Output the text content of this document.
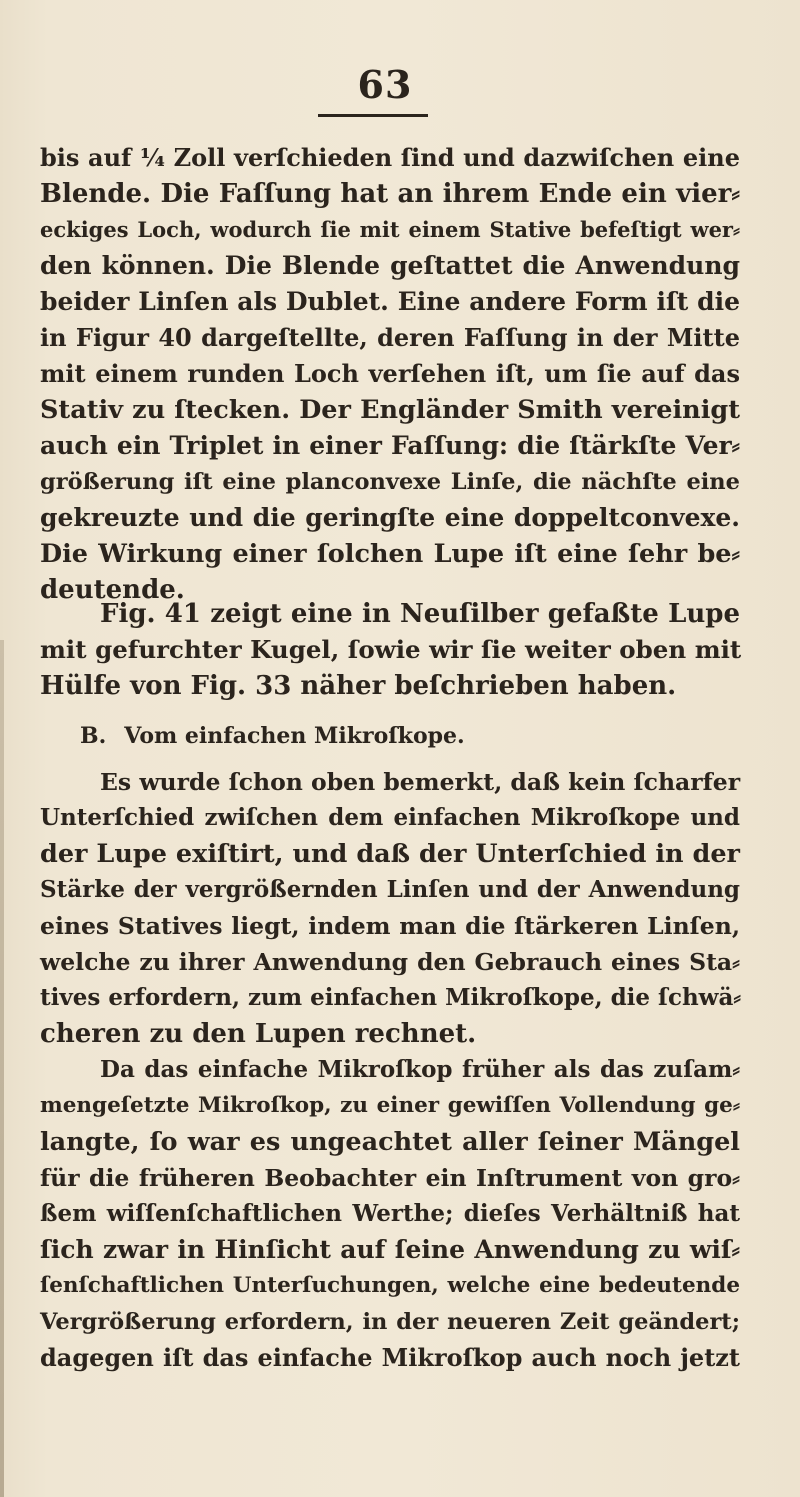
63
bis auf ¼ Zoll verſchieden ſind und dazwiſchen eine
Blende. Die Faſſung hat an ihrem Ende ein vier⸗
eckiges Loch, wodurch ſie mit einem Stative befeſtigt wer⸗
den können. Die Blende geſtattet die Anwendung
beider Linſen als Dublet. Eine andere Form iſt die
in Figur 40 dargeſtellte, deren Faſſung in der Mitte
mit einem runden Loch verſehen iſt, um ſie auf das
Stativ zu ſtecken. Der Engländer Smith vereinigt
auch ein Triplet in einer Faſſung: die ſtärkſte Ver⸗
größerung iſt eine planconvexe Linſe, die nächſte eine
gekreuzte und die geringſte eine doppeltconvexe.
Die Wirkung einer ſolchen Lupe iſt eine ſehr be⸗
deutende.
Fig. 41 zeigt eine in Neuſilber gefaßte Lupe
mit gefurchter Kugel, ſowie wir ſie weiter oben mit
Hülfe von Fig. 33 näher beſchrieben haben.
B. Vom einfachen Mikroſkope.
Es wurde ſchon oben bemerkt, daß kein ſcharfer
Unterſchied zwiſchen dem einfachen Mikroſkope und
der Lupe exiſtirt, und daß der Unterſchied in der
Stärke der vergrößernden Linſen und der Anwendung
eines Statives liegt, indem man die ſtärkeren Linſen,
welche zu ihrer Anwendung den Gebrauch eines Sta⸗
tives erfordern, zum einfachen Mikroſkope, die ſchwä⸗
cheren zu den Lupen rechnet.
Da das einfache Mikroſkop früher als das zuſam⸗
mengeſetzte Mikroſkop, zu einer gewiſſen Vollendung ge⸗
langte, ſo war es ungeachtet aller ſeiner Mängel
für die früheren Beobachter ein Inſtrument von gro⸗
ßem wiſſenſchaftlichen Werthe; dieſes Verhältniß hat
ſich zwar in Hinſicht auf ſeine Anwendung zu wiſ⸗
ſenſchaftlichen Unterſuchungen, welche eine bedeutende
Vergrößerung erfordern, in der neueren Zeit geändert;
dagegen iſt das einfache Mikroſkop auch noch jetzt
